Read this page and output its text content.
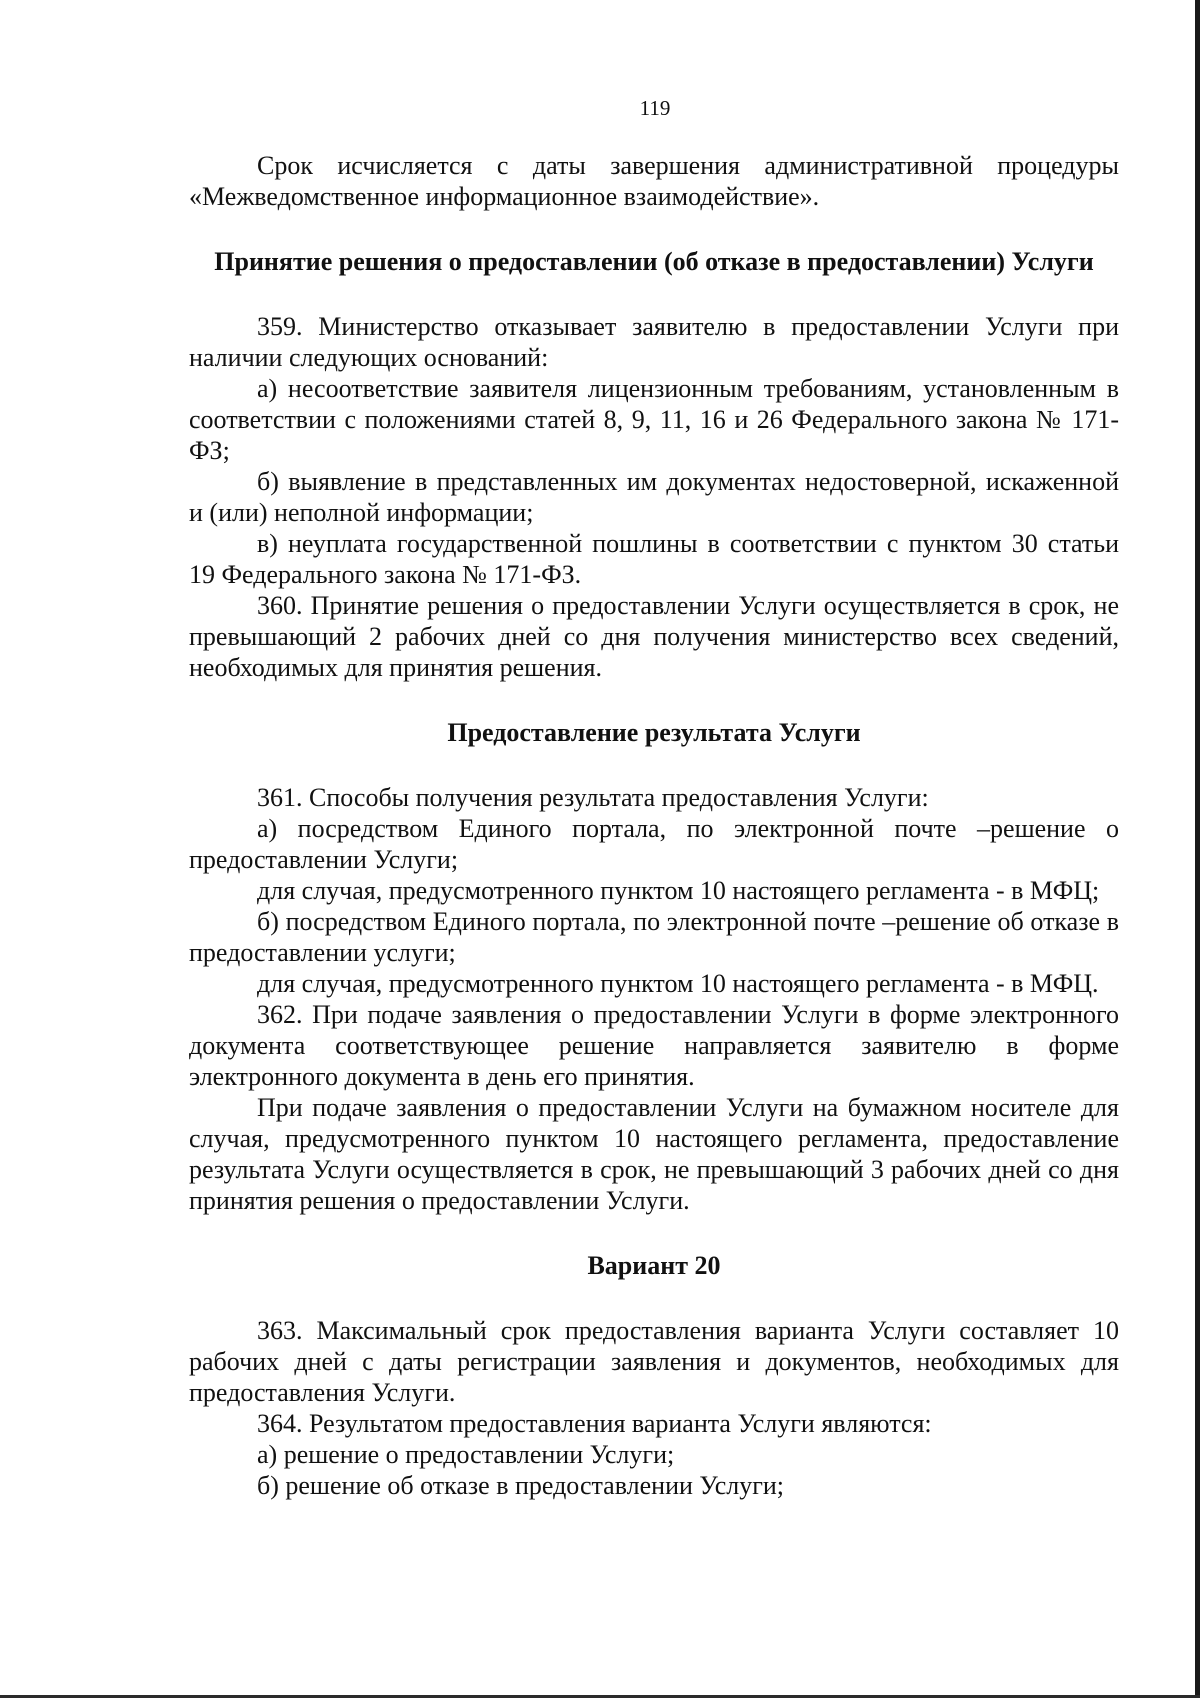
119

Срок исчисляется с даты завершения административной процедуры «Межведомственное информационное взаимодействие».

Принятие решения о предоставлении (об отказе в предоставлении) Услуги

359. Министерство отказывает заявителю в предоставлении Услуги при наличии следующих оснований:

а) несоответствие заявителя лицензионным требованиям, установленным в соответствии с положениями статей 8, 9, 11, 16 и 26 Федерального закона № 171-ФЗ;

б) выявление в представленных им документах недостоверной, искаженной и (или) неполной информации;

в) неуплата государственной пошлины в соответствии с пунктом 30 статьи 19 Федерального закона № 171-ФЗ.

360. Принятие решения о предоставлении Услуги осуществляется в срок, не превышающий 2 рабочих дней со дня получения министерство всех сведений, необходимых для принятия решения.

Предоставление результата Услуги

361. Способы получения результата предоставления Услуги:

а) посредством Единого портала, по электронной почте –решение о предоставлении Услуги;

для случая, предусмотренного пунктом 10 настоящего регламента - в МФЦ;

б) посредством Единого портала, по электронной почте –решение об отказе в предоставлении услуги;

для случая, предусмотренного пунктом 10 настоящего регламента - в МФЦ.

362. При подаче заявления о предоставлении Услуги в форме электронного документа соответствующее решение направляется заявителю в форме электронного документа в день его принятия.

При подаче заявления о предоставлении Услуги на бумажном носителе для случая, предусмотренного пунктом 10 настоящего регламента, предоставление результата Услуги осуществляется в срок, не превышающий 3 рабочих дней со дня принятия решения о предоставлении Услуги.

Вариант 20

363. Максимальный срок предоставления варианта Услуги составляет 10 рабочих дней с даты регистрации заявления и документов, необходимых для предоставления Услуги.

364. Результатом предоставления варианта Услуги являются:

а) решение о предоставлении Услуги;

б) решение об отказе в предоставлении Услуги;
